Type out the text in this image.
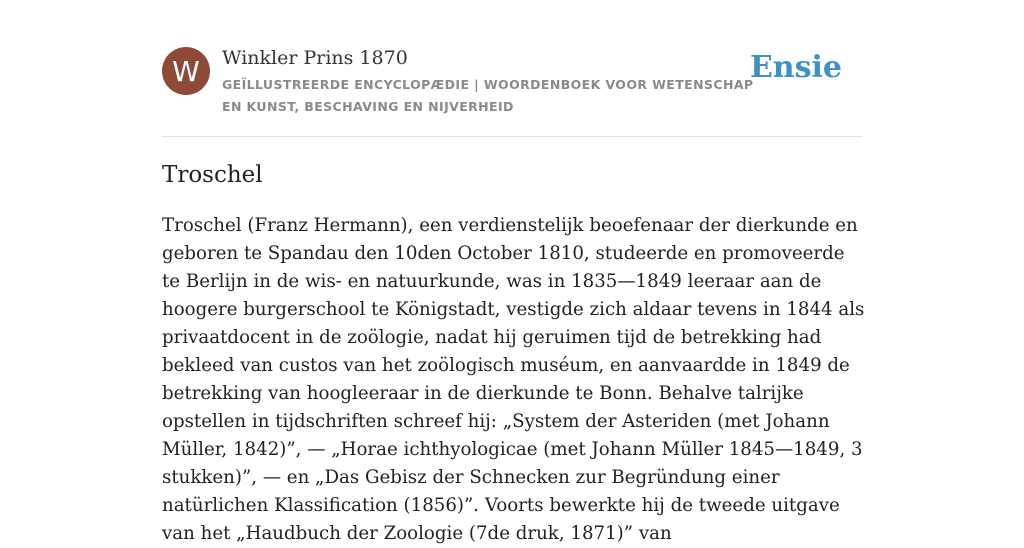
W	Winkler Prins 1870
GEÏLLUSTREERDE ENCYCLOPÆDIE | WOORDENBOEK VOOR WETENSCHAP EN KUNST, BESCHAVING EN NIJVERHEID
Ensie
Troschel

Troschel (Franz Hermann), een verdienstelijk beoefenaar der dierkunde en geboren te Spandau den 10den October 1810, studeerde en promoveerde te Berlijn in de wis- en natuurkunde, was in 1835—1849 leeraar aan de hoogere burgerschool te Königstadt, vestigde zich aldaar tevens in 1844 als privaatdocent in de zoölogie, nadat hij geruimen tijd de betrekking had bekleed van custos van het zoölogisch muséum, en aanvaardde in 1849 de betrekking van hoogleeraar in de dierkunde te Bonn. Behalve talrijke opstellen in tijdschriften schreef hij: „System der Asteriden (met Johann Müller, 1842)”, — „Horae ichthyologicae (met Johann Müller 1845—1849, 3 stukken)”, — en „Das Gebisz der Schnecken zur Begründung einer natürlichen Klassification (1856)”. Voorts bewerkte hij de tweede uitgave van het „Haudbuch der Zoologie (7de druk, 1871)” van
